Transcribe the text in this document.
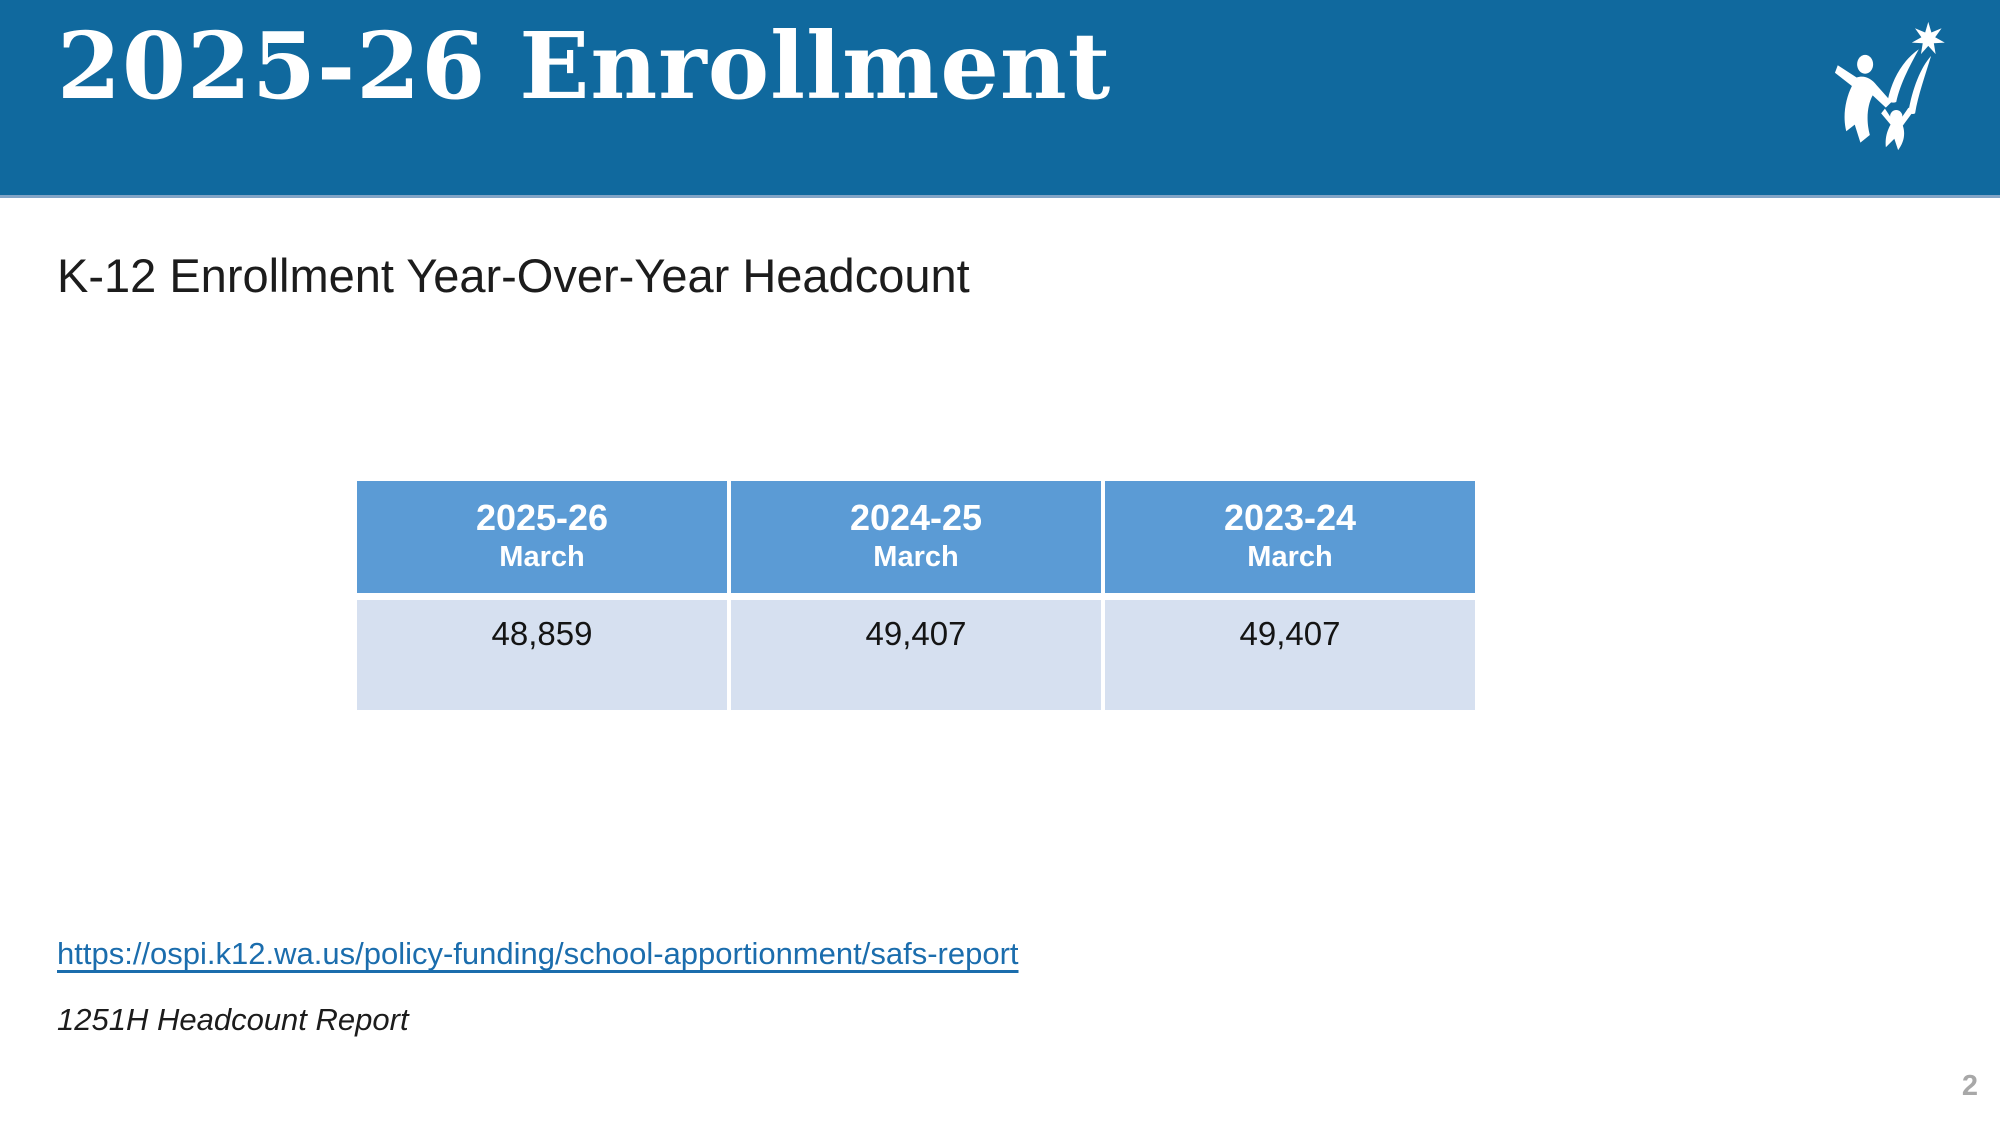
2025-26 Enrollment
K-12 Enrollment Year-Over-Year Headcount
2025-26
March
2024-25
March
2023-24
March
48,859	49,407	49,407
https://ospi.k12.wa.us/policy-funding/school-apportionment/safs-report
1251H Headcount Report
2
